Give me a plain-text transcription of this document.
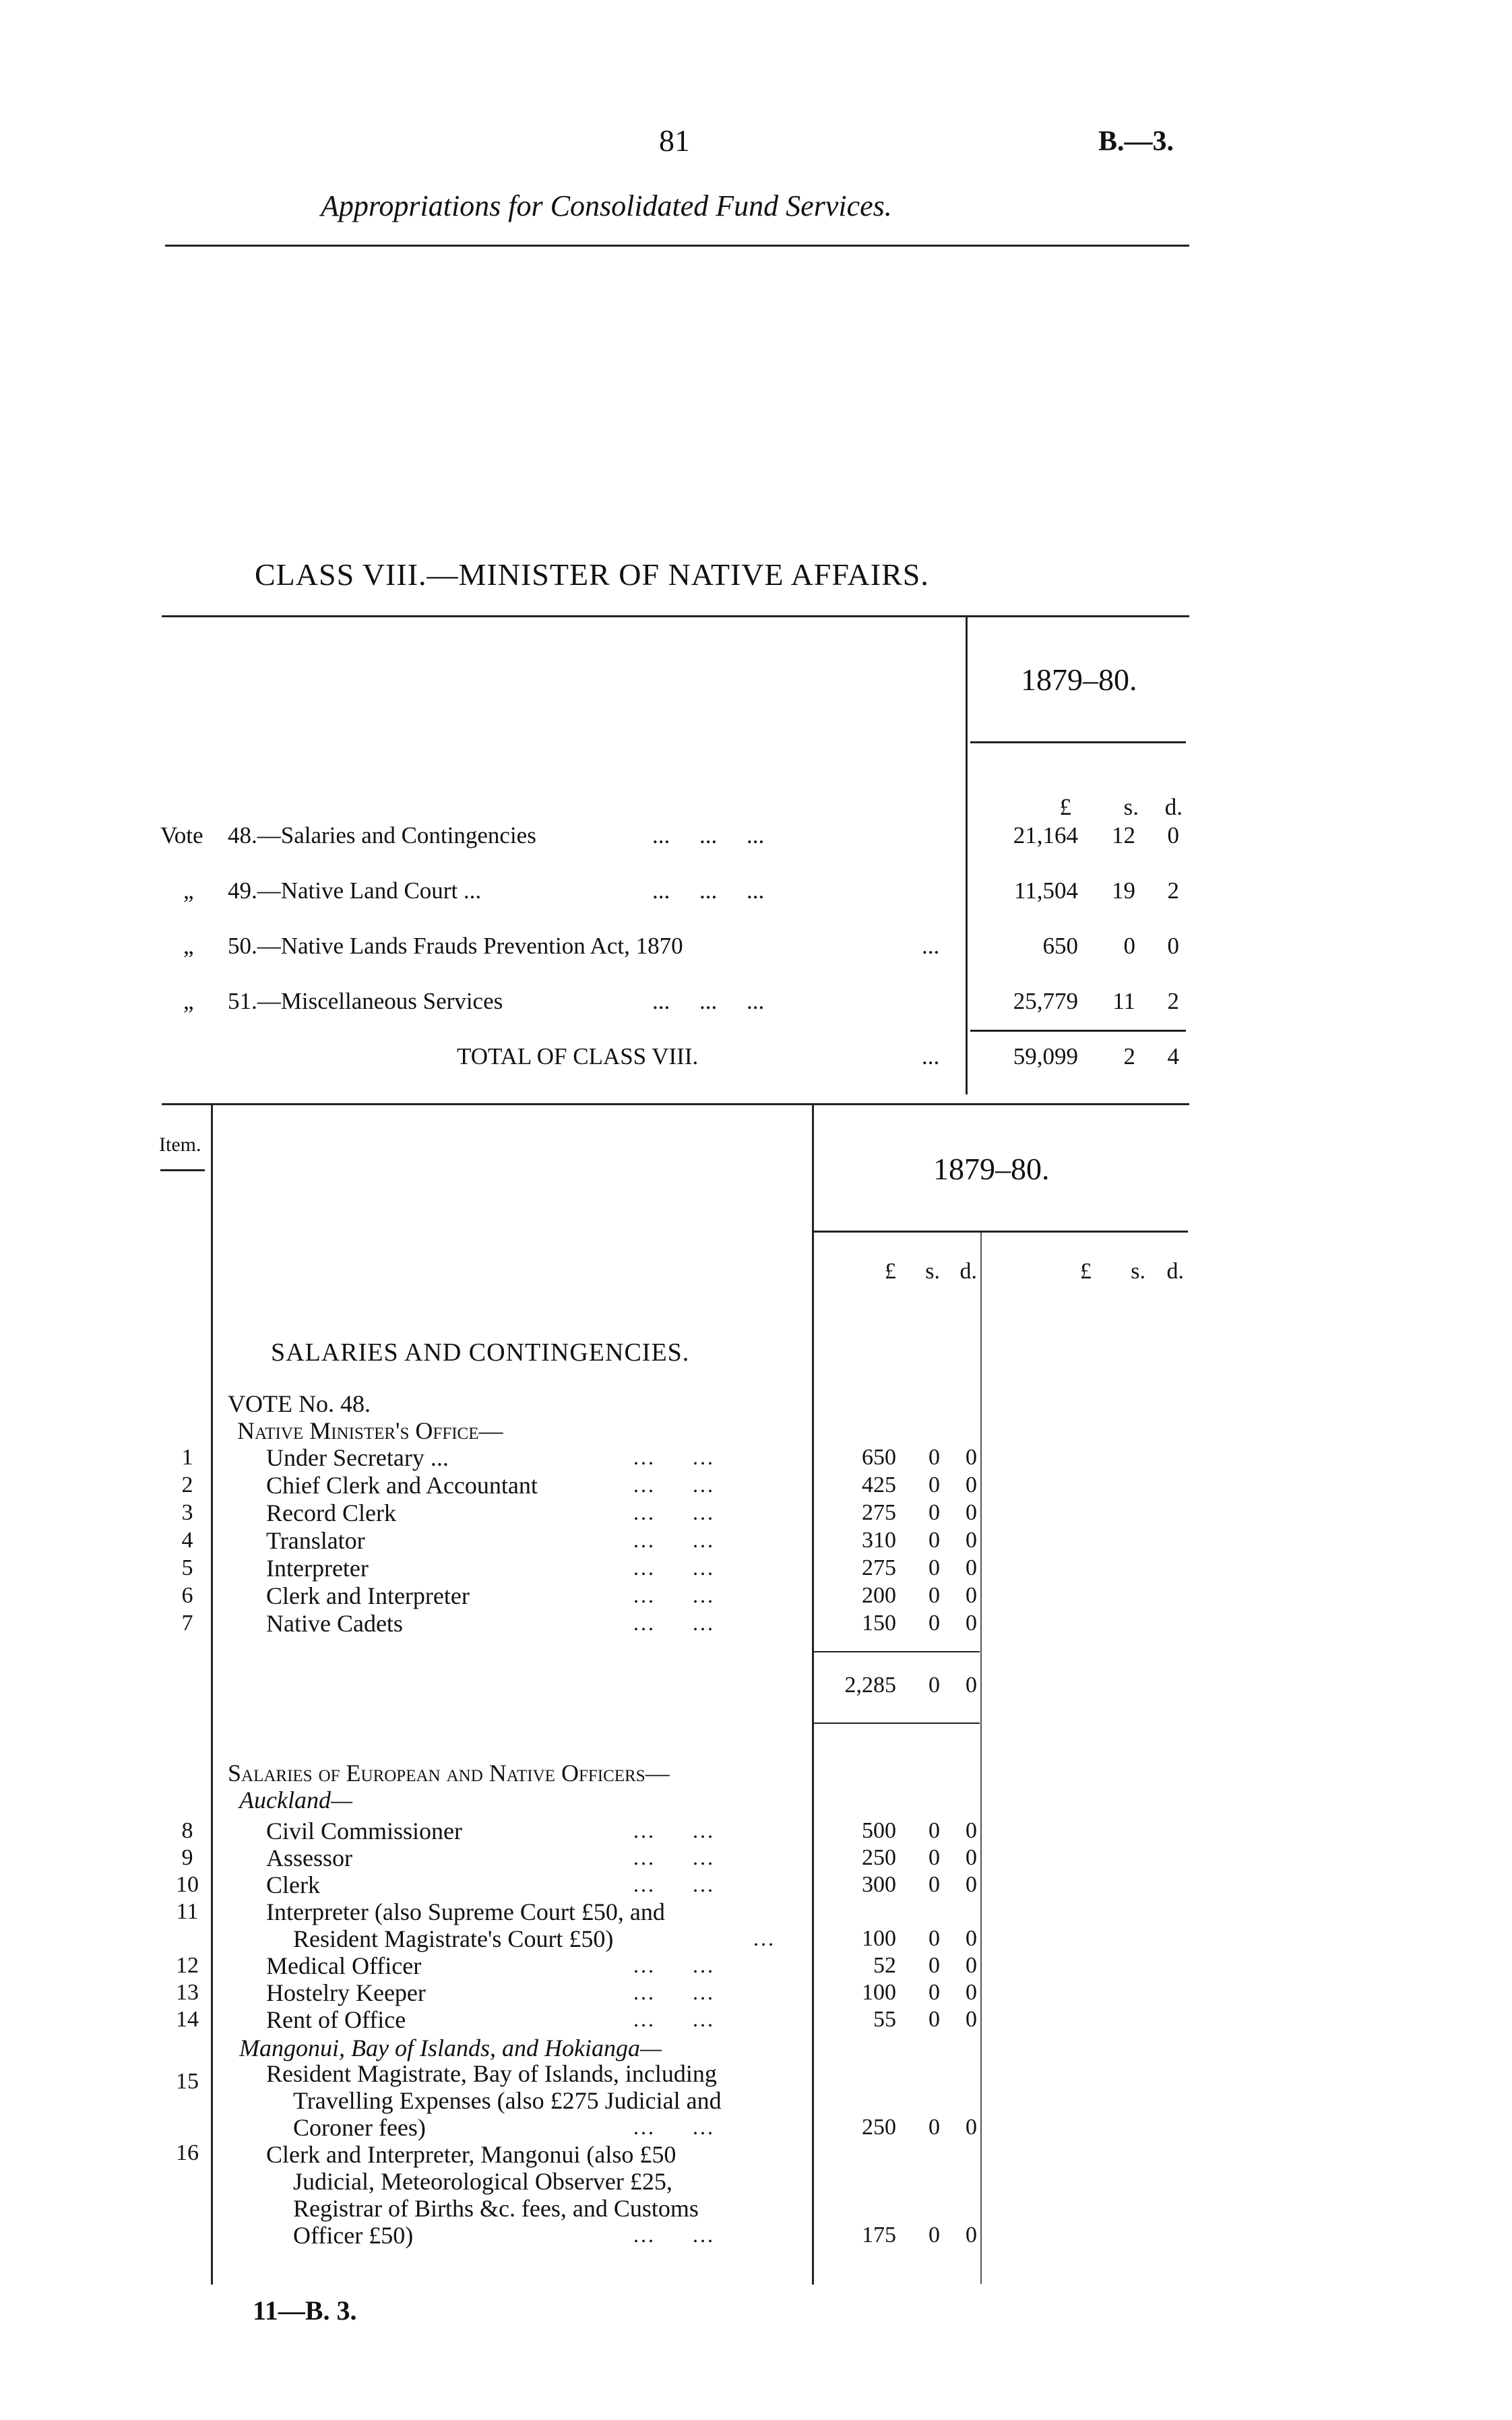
81	B.—3.
Appropriations for Consolidated Fund Services.
CLASS VIII.—MINISTER OF NATIVE AFFAIRS.
1879–80.
£	s.	d.
Vote 48.—Salaries and Contingencies	...     ...     ...	21,164	12	0
„ 49.—Native Land Court ...	...     ...     ...	11,504	19	2
„ 50.—Native Lands Frauds Prevention Act, 1870	...	650	0	0
„ 51.—Miscellaneous Services	...     ...     ...	25,779	11	2
TOTAL OF CLASS VIII.	...	59,099	2	4
Item.
1879–80.
£	s. d.	£	s. d.
SALARIES AND CONTINGENCIES.
VOTE No. 48.
Native Minister's Office—
1	Under Secretary ...	...     ...	650	0	0
2	Chief Clerk and Accountant	...     ...	425	0	0
3	Record Clerk	...     ...	275	0	0
4	Translator	...     ...	310	0	0
5	Interpreter	...     ...	275	0	0
6	Clerk and Interpreter	...     ...	200	0	0
7	Native Cadets	...     ...	150	0	0
2,285	0	0
Salaries of European and Native Officers—
Auckland—
8	Civil Commissioner	...     ...	500	0	0
9	Assessor	...     ...	250	0	0
10	Clerk	...     ...	300	0	0
11	Interpreter (also Supreme Court £50, and
Resident Magistrate's Court £50)	...	100	0	0
12	Medical Officer	...     ...	52	0	0
13	Hostelry Keeper	...     ...	100	0	0
14	Rent of Office	...     ...	55	0	0
Mangonui, Bay of Islands, and Hokianga—
15	Resident Magistrate, Bay of Islands, including
Travelling Expenses (also £275 Judicial and
Coroner fees)	...     ...	250	0	0
16	Clerk and Interpreter, Mangonui (also £50
Judicial, Meteorological Observer £25,
Registrar of Births &c. fees, and Customs
Officer £50)	...     ...	175	0	0
11—B. 3.
